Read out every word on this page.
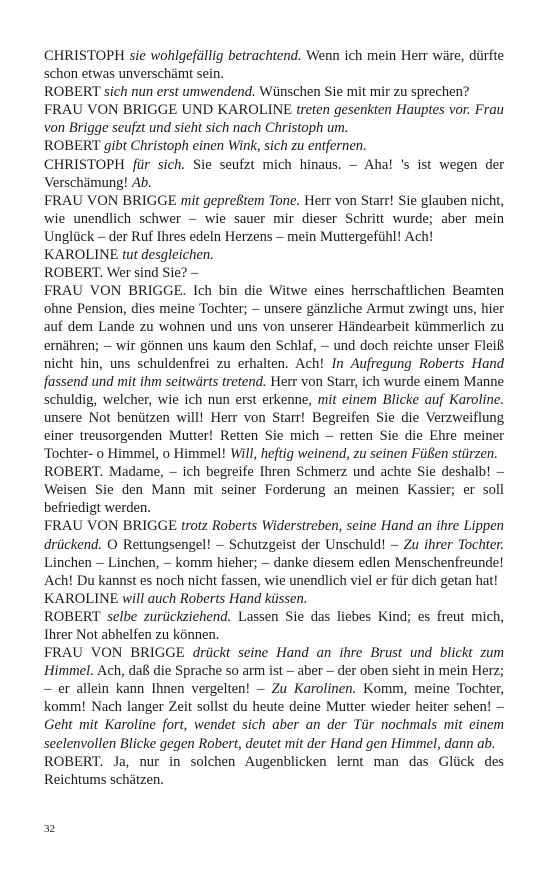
CHRISTOPH sie wohlgefällig betrachtend. Wenn ich mein Herr wäre, dürfte schon etwas unverschämt sein.

ROBERT sich nun erst umwendend. Wünschen Sie mit mir zu sprechen?

FRAU VON BRIGGE UND KAROLINE treten gesenkten Hauptes vor. Frau von Brigge seufzt und sieht sich nach Christoph um.

ROBERT gibt Christoph einen Wink, sich zu entfernen.

CHRISTOPH für sich. Sie seufzt mich hinaus. – Aha! 's ist wegen der Verschämung! Ab.

FRAU VON BRIGGE mit gepreßtem Tone. Herr von Starr! Sie glauben nicht, wie unendlich schwer – wie sauer mir dieser Schritt wurde; aber mein Unglück – der Ruf Ihres edeln Herzens – mein Muttergefühl! Ach!

KAROLINE tut desgleichen.

ROBERT. Wer sind Sie? –

FRAU VON BRIGGE. Ich bin die Witwe eines herrschaftlichen Beamten ohne Pension, dies meine Tochter; – unsere gänzliche Armut zwingt uns, hier auf dem Lande zu wohnen und uns von unserer Händearbeit kümmerlich zu ernähren; – wir gönnen uns kaum den Schlaf, – und doch reichte unser Fleiß nicht hin, uns schuldenfrei zu erhalten. Ach! In Aufregung Roberts Hand fassend und mit ihm seitwärts tretend. Herr von Starr, ich wurde einem Manne schuldig, welcher, wie ich nun erst erkenne, mit einem Blicke auf Karoline. unsere Not benützen will! Herr von Starr! Begreifen Sie die Verzweiflung einer treusorgenden Mutter! Retten Sie mich – retten Sie die Ehre meiner Tochter- o Himmel, o Himmel! Will, heftig weinend, zu seinen Füßen stürzen.

ROBERT. Madame, – ich begreife Ihren Schmerz und achte Sie deshalb! – Weisen Sie den Mann mit seiner Forderung an meinen Kassier; er soll befriedigt werden.

FRAU VON BRIGGE trotz Roberts Widerstreben, seine Hand an ihre Lippen drückend. O Rettungsengel! – Schutzgeist der Unschuld! – Zu ihrer Tochter. Linchen – Linchen, – komm hieher; – danke diesem edlen Menschenfreunde! Ach! Du kannst es noch nicht fassen, wie unendlich viel er für dich getan hat!

KAROLINE will auch Roberts Hand küssen.

ROBERT selbe zurückziehend. Lassen Sie das liebes Kind; es freut mich, Ihrer Not abhelfen zu können.

FRAU VON BRIGGE drückt seine Hand an ihre Brust und blickt zum Himmel. Ach, daß die Sprache so arm ist – aber – der oben sieht in mein Herz; – er allein kann Ihnen vergelten! – Zu Karolinen. Komm, meine Tochter, komm! Nach langer Zeit sollst du heute deine Mutter wieder heiter sehen! – Geht mit Karoline fort, wendet sich aber an der Tür nochmals mit einem seelenvollen Blicke gegen Robert, deutet mit der Hand gen Himmel, dann ab.

ROBERT. Ja, nur in solchen Augenblicken lernt man das Glück des Reichtums schätzen.

32
